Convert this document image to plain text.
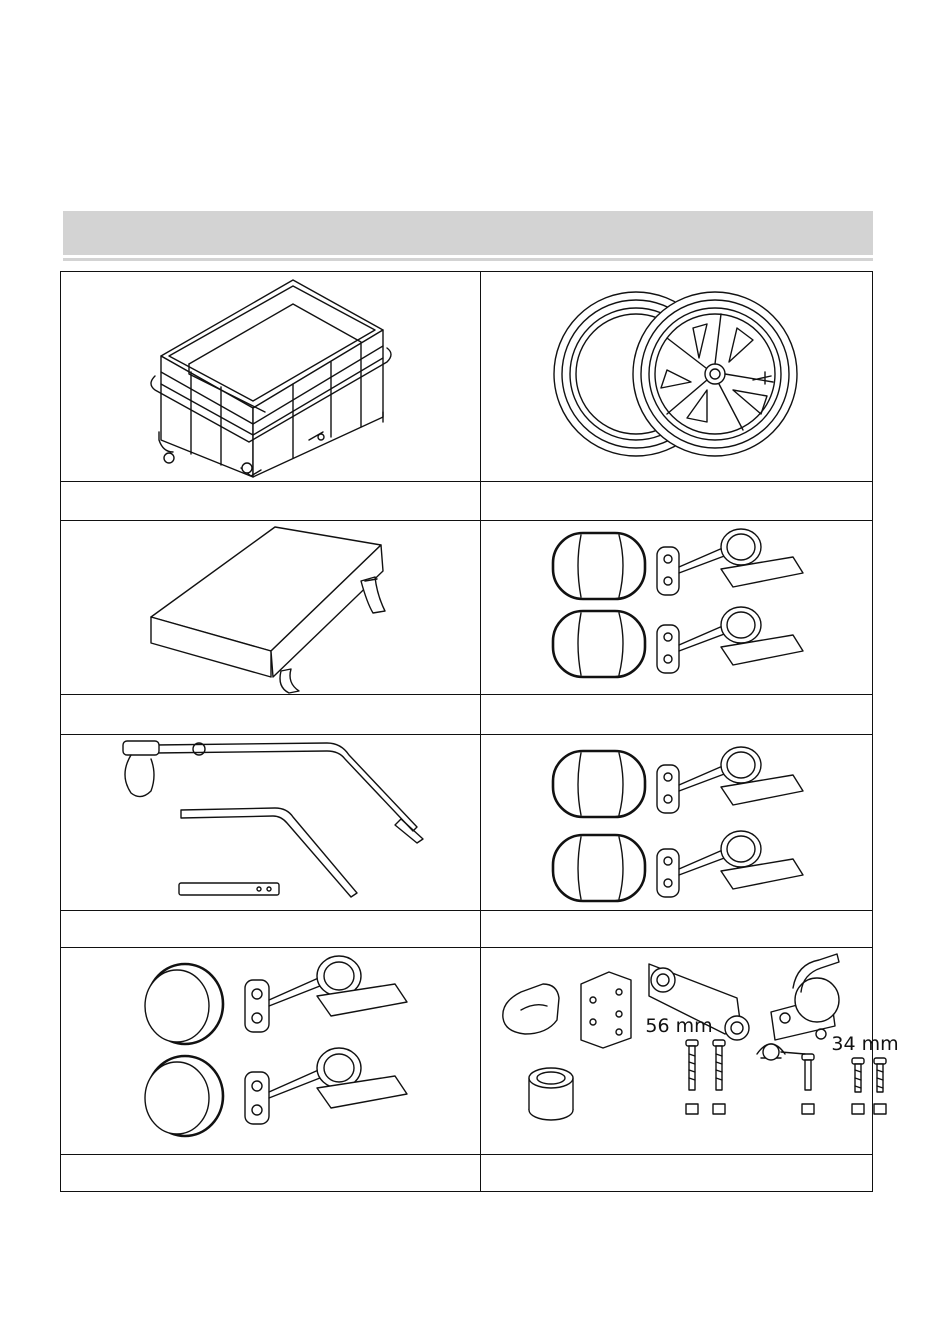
56 mm
34 mm
